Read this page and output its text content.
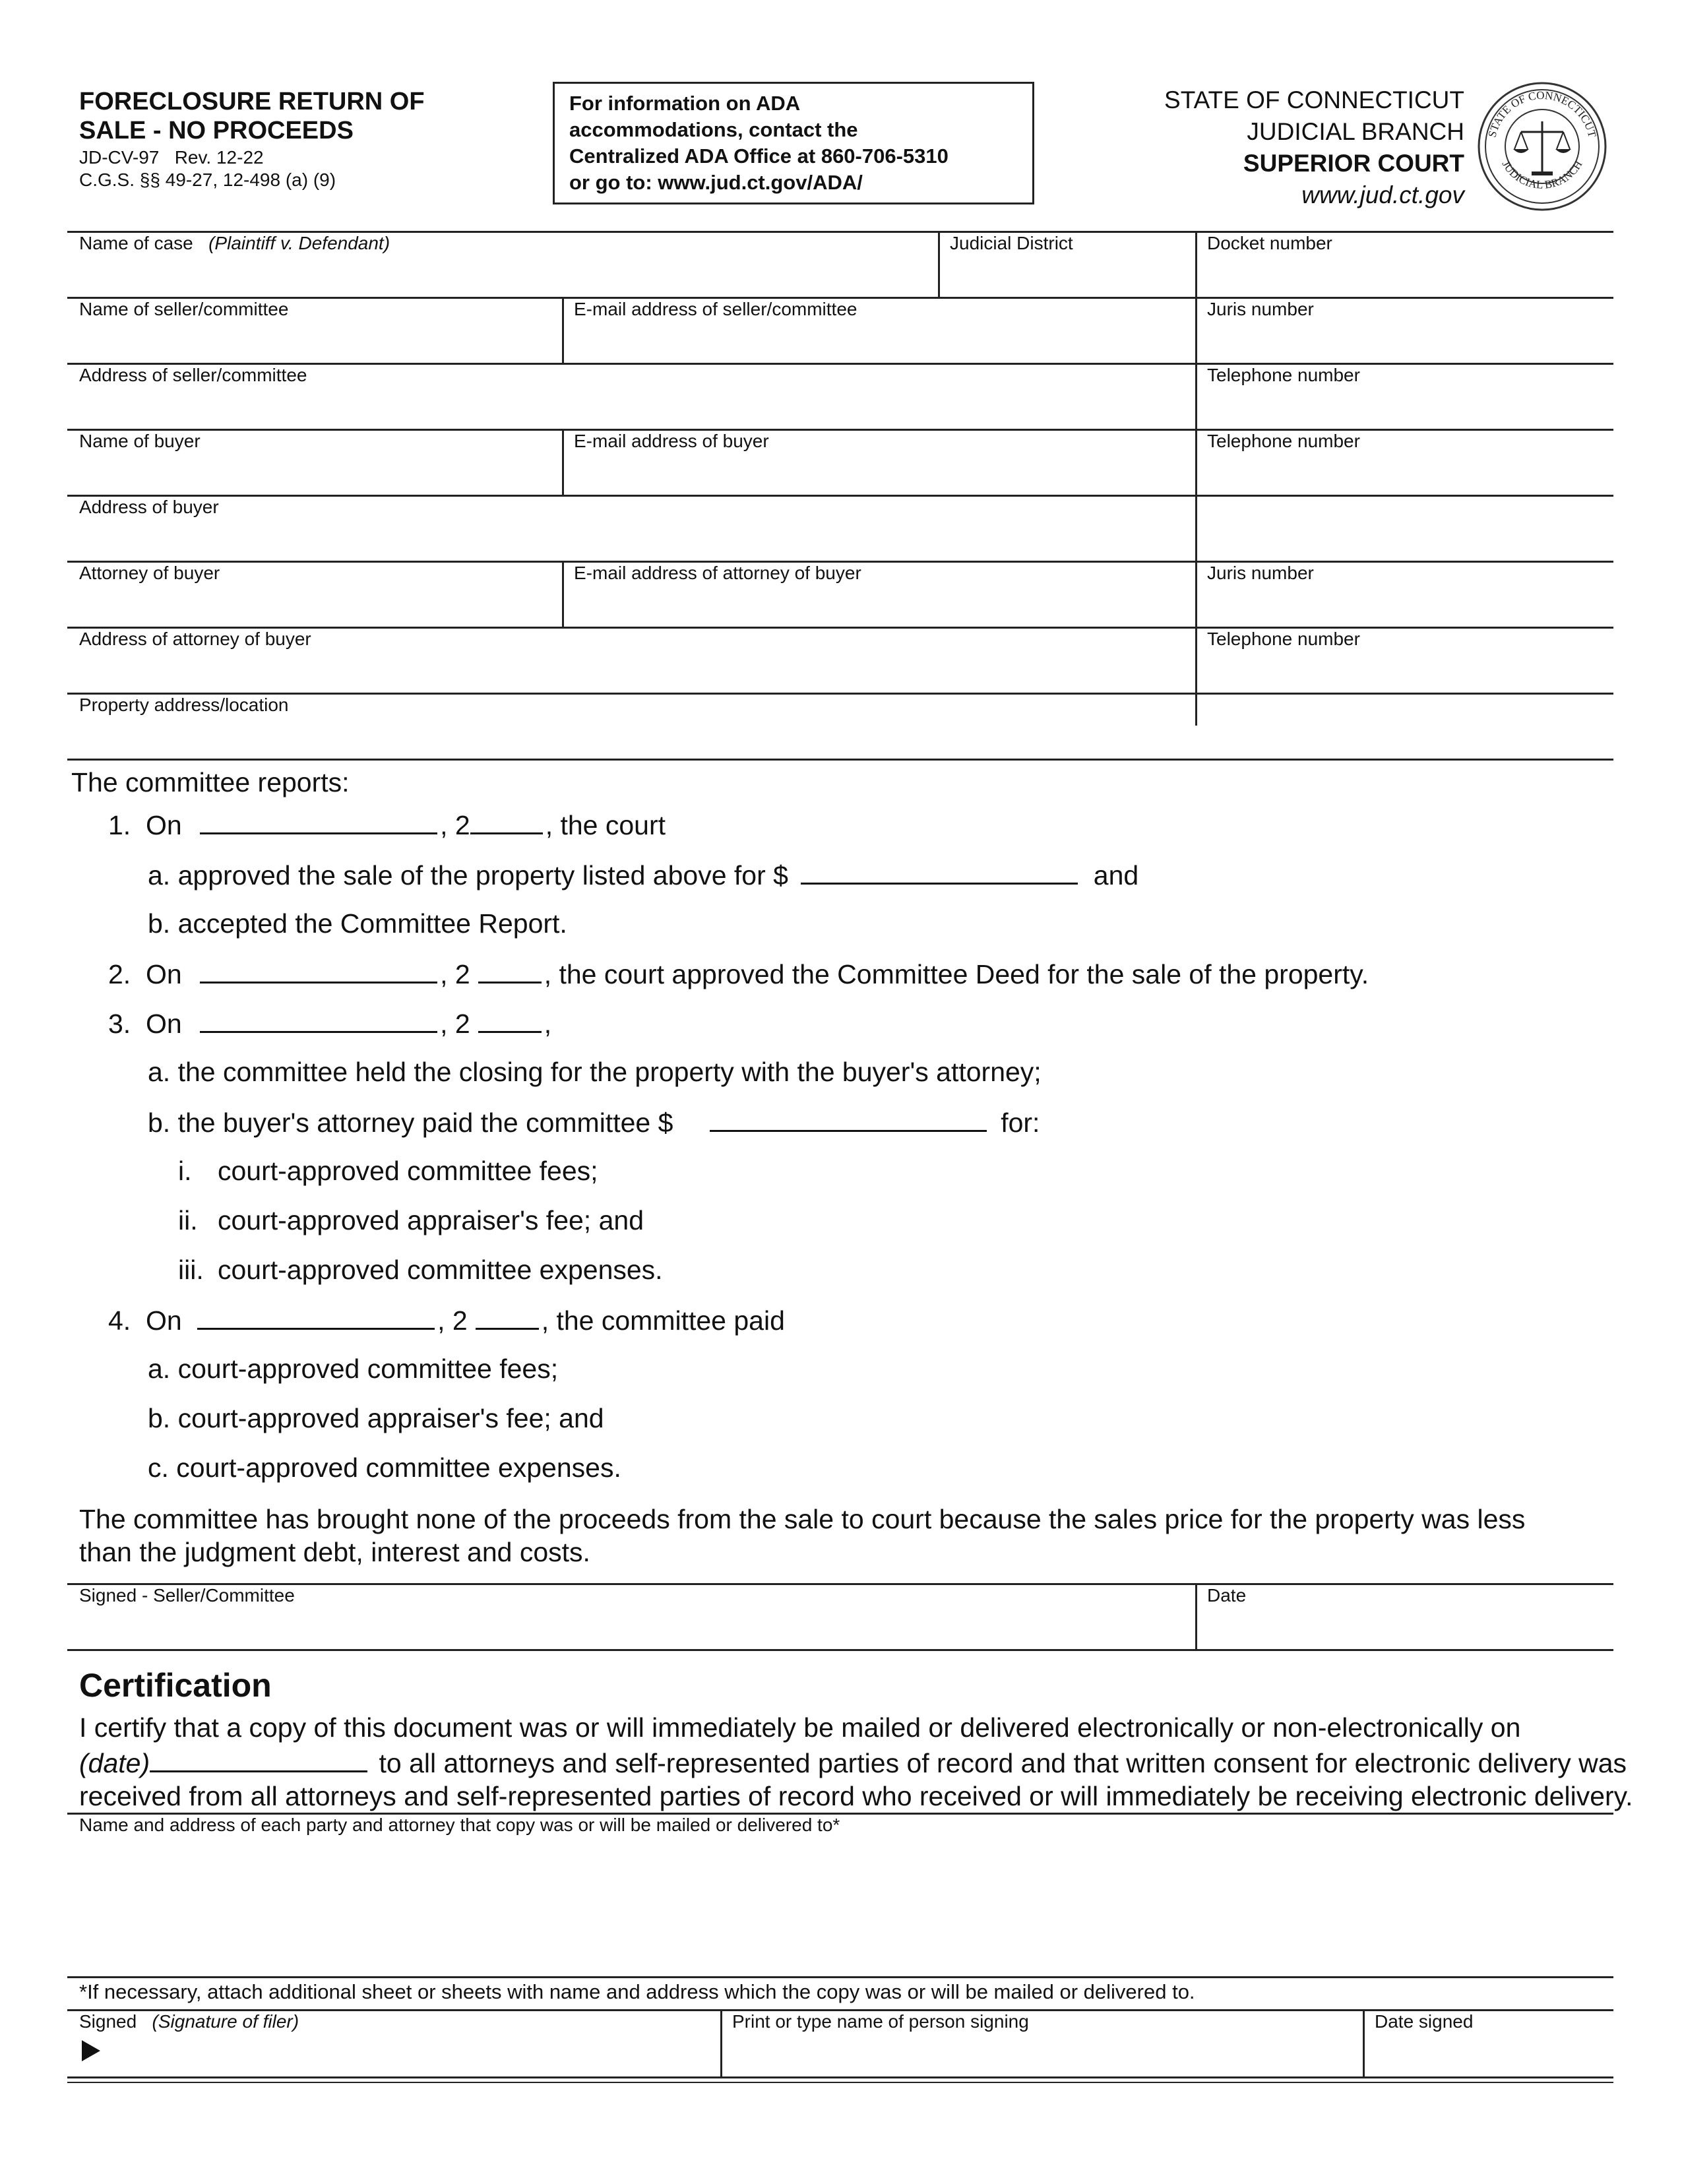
FORECLOSURE RETURN OF
SALE - NO PROCEEDS
JD-CV-97   Rev. 12-22
C.G.S. §§ 49-27, 12-498 (a) (9)
For information on ADA
accommodations, contact the
Centralized ADA Office at 860-706-5310
or go to: www.jud.ct.gov/ADA/
STATE OF CONNECTICUT
JUDICIAL BRANCH
SUPERIOR COURT
www.jud.ct.gov
STATE OF CONNECTICUT
JUDICIAL BRANCH
Name of case (Plaintiff v. Defendant)	Judicial District	Docket number
Name of seller/committee	E-mail address of seller/committee	Juris number
Address of seller/committee	Telephone number
Name of buyer	E-mail address of buyer	Telephone number
Address of buyer
Attorney of buyer	E-mail address of attorney of buyer	Juris number
Address of attorney of buyer	Telephone number
Property address/location
The committee reports:
1. On	, 2	, the court
a. approved the sale of the property listed above for $	and
b. accepted the Committee Report.
2. On	, 2	, the court approved the Committee Deed for the sale of the property.
3. On	, 2	,
a. the committee held the closing for the property with the buyer's attorney;
b. the buyer's attorney paid the committee $	for:
i. court-approved committee fees;
ii. court-approved appraiser's fee; and
iii. court-approved committee expenses.
4. On	, 2	, the committee paid
a. court-approved committee fees;
b. court-approved appraiser's fee; and
c. court-approved committee expenses.
The committee has brought none of the proceeds from the sale to court because the sales price for the property was less
than the judgment debt, interest and costs.
Signed - Seller/Committee	Date
Certification
I certify that a copy of this document was or will immediately be mailed or delivered electronically or non-electronically on
(date)	to all attorneys and self-represented parties of record and that written consent for electronic delivery was
received from all attorneys and self-represented parties of record who received or will immediately be receiving electronic delivery.
Name and address of each party and attorney that copy was or will be mailed or delivered to*
*If necessary, attach additional sheet or sheets with name and address which the copy was or will be mailed or delivered to.
Signed (Signature of filer)	Print or type name of person signing	Date signed
